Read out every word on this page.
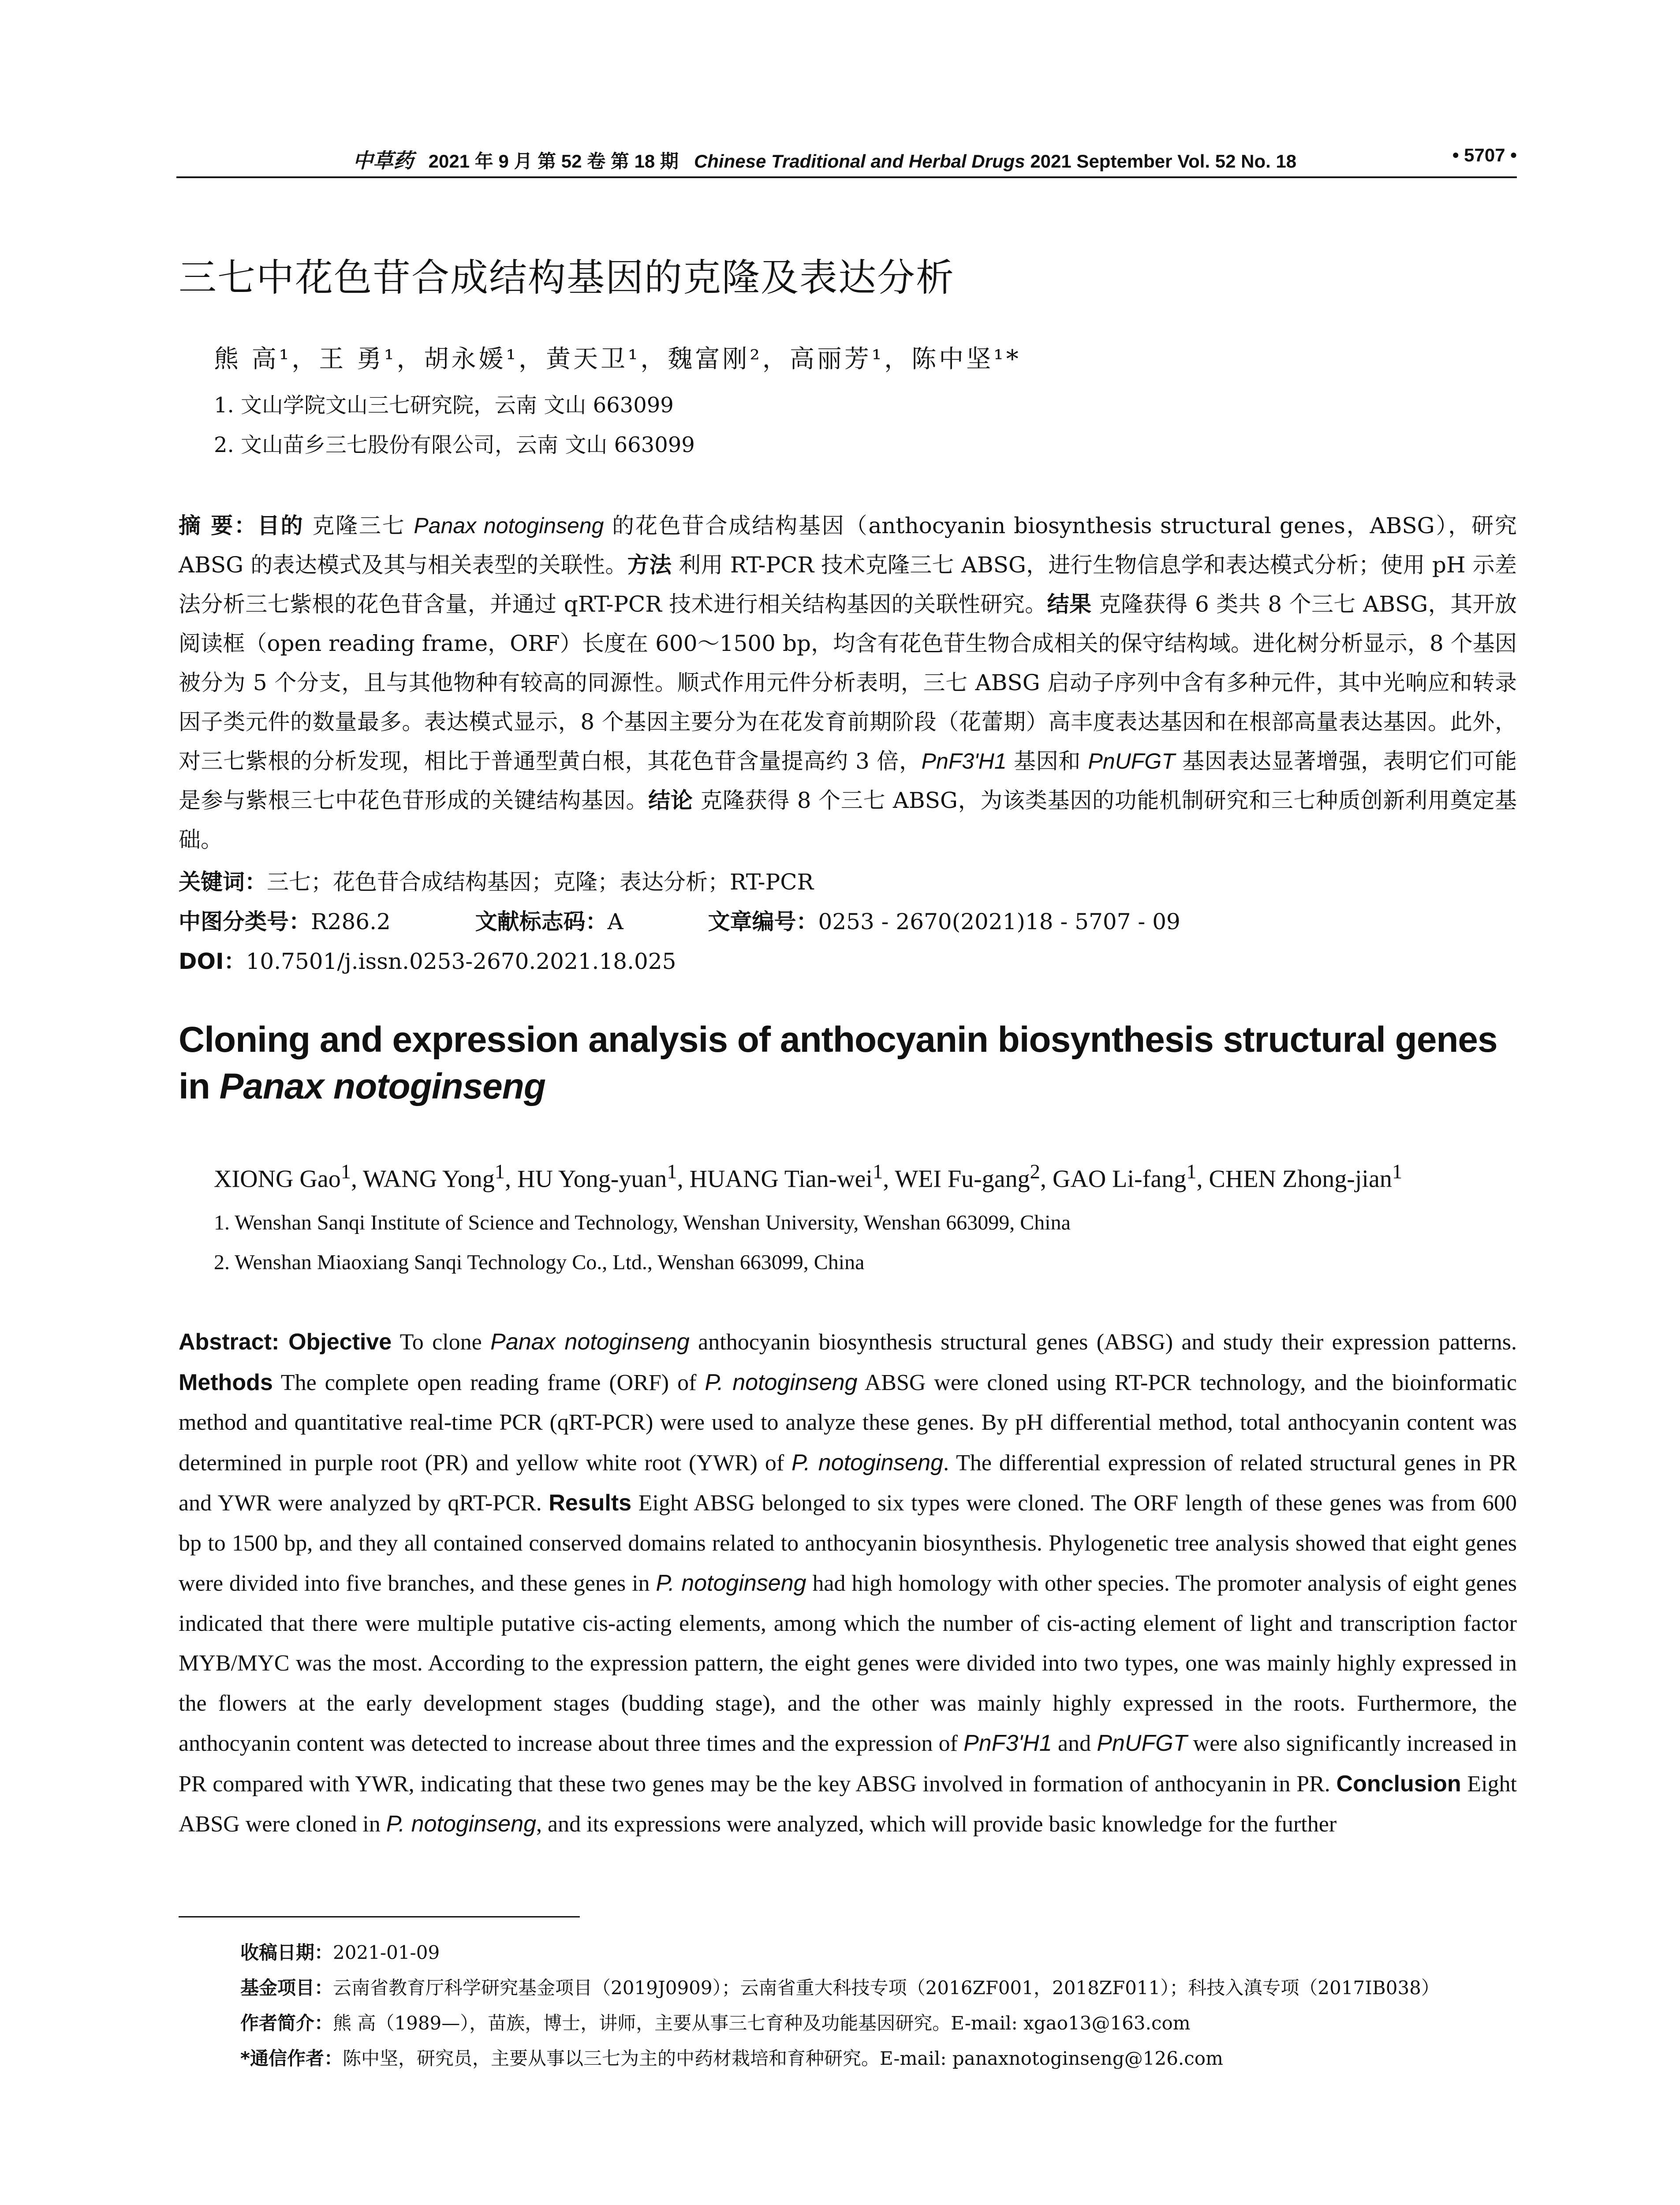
中草药 2021 年 9 月 第 52 卷 第 18 期 Chinese Traditional and Herbal Drugs 2021 September Vol. 52 No. 18	• 5707 •
三七中花色苷合成结构基因的克隆及表达分析
熊 高¹，王 勇¹，胡永媛¹，黄天卫¹，魏富刚²，高丽芳¹，陈中坚¹*
1. 文山学院文山三七研究院，云南 文山 663099
2. 文山苗乡三七股份有限公司，云南 文山 663099
摘 要：目的 克隆三七 Panax notoginseng 的花色苷合成结构基因（anthocyanin biosynthesis structural genes，ABSG），研究 ABSG 的表达模式及其与相关表型的关联性。方法 利用 RT-PCR 技术克隆三七 ABSG，进行生物信息学和表达模式分析；使用 pH 示差法分析三七紫根的花色苷含量，并通过 qRT-PCR 技术进行相关结构基因的关联性研究。结果 克隆获得 6 类共 8 个三七 ABSG，其开放阅读框（open reading frame，ORF）长度在 600～1500 bp，均含有花色苷生物合成相关的保守结构域。进化树分析显示，8 个基因被分为 5 个分支，且与其他物种有较高的同源性。顺式作用元件分析表明，三七 ABSG 启动子序列中含有多种元件，其中光响应和转录因子类元件的数量最多。表达模式显示，8 个基因主要分为在花发育前期阶段（花蕾期）高丰度表达基因和在根部高量表达基因。此外，对三七紫根的分析发现，相比于普通型黄白根，其花色苷含量提高约 3 倍，PnF3'H1 基因和 PnUFGT 基因表达显著增强，表明它们可能是参与紫根三七中花色苷形成的关键结构基因。结论 克隆获得 8 个三七 ABSG，为该类基因的功能机制研究和三七种质创新利用奠定基础。
关键词：三七；花色苷合成结构基因；克隆；表达分析；RT-PCR
中图分类号：R286.2	文献标志码：A	文章编号：0253 - 2670(2021)18 - 5707 - 09
DOI：10.7501/j.issn.0253-2670.2021.18.025
Cloning and expression analysis of anthocyanin biosynthesis structural genes in Panax notoginseng
XIONG Gao$^1$, WANG Yong$^1$, HU Yong-yuan$^1$, HUANG Tian-wei$^1$, WEI Fu-gang$^2$, GAO Li-fang$^1$, CHEN Zhong-jian$^1$
1. Wenshan Sanqi Institute of Science and Technology, Wenshan University, Wenshan 663099, China
2. Wenshan Miaoxiang Sanqi Technology Co., Ltd., Wenshan 663099, China
Abstract: Objective To clone Panax notoginseng anthocyanin biosynthesis structural genes (ABSG) and study their expression patterns. Methods The complete open reading frame (ORF) of P. notoginseng ABSG were cloned using RT-PCR technology, and the bioinformatic method and quantitative real-time PCR (qRT-PCR) were used to analyze these genes. By pH differential method, total anthocyanin content was determined in purple root (PR) and yellow white root (YWR) of P. notoginseng. The differential expression of related structural genes in PR and YWR were analyzed by qRT-PCR. Results Eight ABSG belonged to six types were cloned. The ORF length of these genes was from 600 bp to 1500 bp, and they all contained conserved domains related to anthocyanin biosynthesis. Phylogenetic tree analysis showed that eight genes were divided into five branches, and these genes in P. notoginseng had high homology with other species. The promoter analysis of eight genes indicated that there were multiple putative cis-acting elements, among which the number of cis-acting element of light and transcription factor MYB/MYC was the most. According to the expression pattern, the eight genes were divided into two types, one was mainly highly expressed in the flowers at the early development stages (budding stage), and the other was mainly highly expressed in the roots. Furthermore, the anthocyanin content was detected to increase about three times and the expression of PnF3'H1 and PnUFGT were also significantly increased in PR compared with YWR, indicating that these two genes may be the key ABSG involved in formation of anthocyanin in PR. Conclusion Eight ABSG were cloned in P. notoginseng, and its expressions were analyzed, which will provide basic knowledge for the further
收稿日期：2021-01-09
基金项目：云南省教育厅科学研究基金项目（2019J0909）；云南省重大科技专项（2016ZF001，2018ZF011）；科技入滇专项（2017IB038）
作者简介：熊 高（1989—），苗族，博士，讲师，主要从事三七育种及功能基因研究。E-mail: xgao13@163.com
*通信作者：陈中坚，研究员，主要从事以三七为主的中药材栽培和育种研究。E-mail: panaxnotoginseng@126.com
